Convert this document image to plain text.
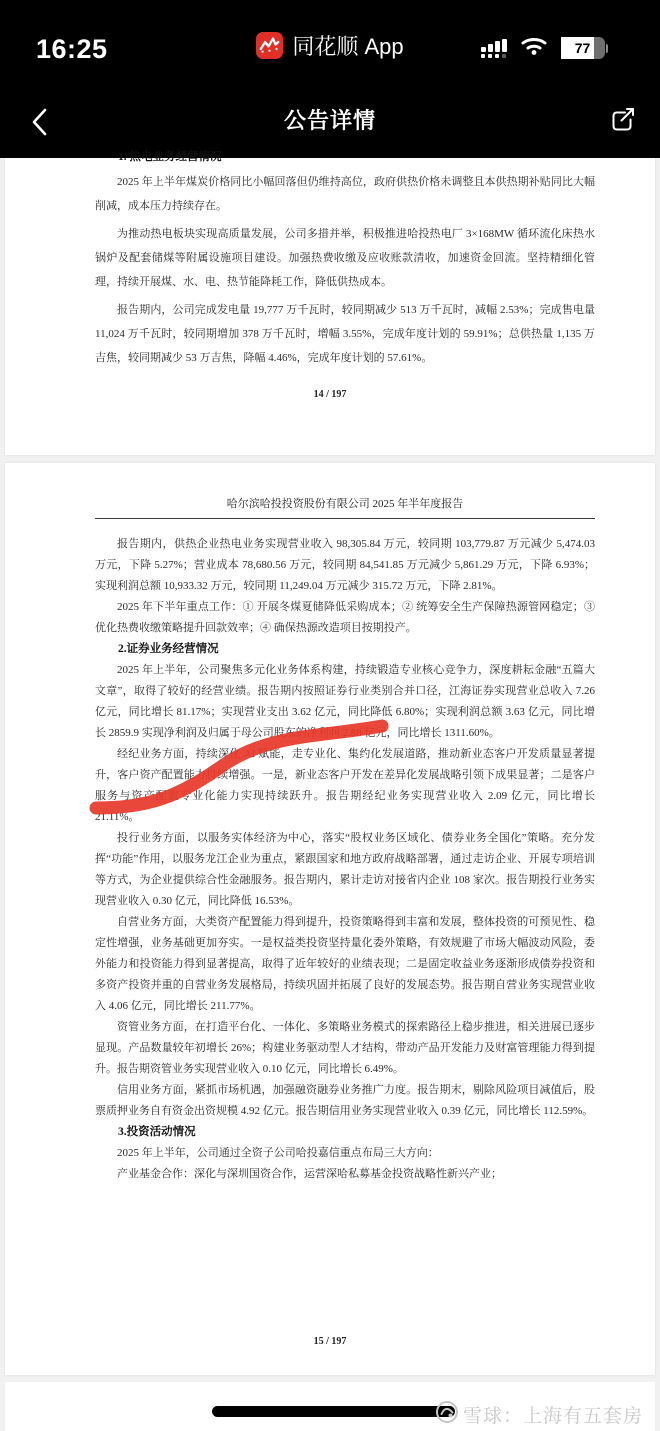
16:25	同花顺 App	77
公告详情

1. 热电业务经营情况

2025 年上半年煤炭价格同比小幅回落但仍维持高位，政府供热价格未调整且本供热期补贴同比大幅削减，成本压力持续存在。

为推动热电板块实现高质量发展，公司多措并举，积极推进哈投热电厂 3×168MW 循环流化床热水锅炉及配套储煤等附属设施项目建设。加强热费收缴及应收账款清收，加速资金回流。坚持精细化管理，持续开展煤、水、电、热节能降耗工作，降低供热成本。

报告期内，公司完成发电量 19,777 万千瓦时，较同期减少 513 万千瓦时，减幅 2.53%；完成售电量 11,024 万千瓦时，较同期增加 378 万千瓦时，增幅 3.55%，完成年度计划的 59.91%；总供热量 1,135 万吉焦，较同期减少 53 万吉焦，降幅 4.46%，完成年度计划的 57.61%。

14 / 197
哈尔滨哈投投资股份有限公司 2025 年半年度报告

报告期内，供热企业热电业务实现营业收入 98,305.84 万元，较同期 103,779.87 万元减少 5,474.03 万元，下降 5.27%；营业成本 78,680.56 万元，较同期 84,541.85 万元减少 5,861.29 万元，下降 6.93%；实现利润总额 10,933.32 万元，较同期 11,249.04 万元减少 315.72 万元，下降 2.81%。

2025 年下半年重点工作：① 开展冬煤夏储降低采购成本；② 统筹安全生产保障热源管网稳定；③ 优化热费收缴策略提升回款效率；④ 确保热源改造项目按期投产。

2.证券业务经营情况

2025 年上半年，公司聚焦多元化业务体系构建，持续锻造专业核心竞争力，深度耕耘金融“五篇大文章”，取得了较好的经营业绩。报告期内按照证券行业类别合并口径，江海证券实现营业总收入 7.26 亿元，同比增长 81.17%；实现营业支出 3.62 亿元，同比降低 6.80%；实现利润总额 3.63 亿元，同比增长 2859.9 实现净利润及归属于母公司股东的净利润 2.88 亿元，同比增长 1311.60%。

经纪业务方面，持续深化 AI 赋能，走专业化、集约化发展道路，推动新业态客户开发质量显著提升，客户资产配置能力持续增强。一是，新业态客户开发在差异化发展战略引领下成果显著；二是客户服务与资产配置专业化能力实现持续跃升。报告期经纪业务实现营业收入 2.09 亿元，同比增长 21.11%。

投行业务方面，以服务实体经济为中心，落实“股权业务区域化、债券业务全国化”策略。充分发挥“功能”作用，以服务龙江企业为重点，紧跟国家和地方政府战略部署，通过走访企业、开展专项培训等方式，为企业提供综合性金融服务。报告期内，累计走访对接省内企业 108 家次。报告期投行业务实现营业收入 0.30 亿元，同比降低 16.53%。

自营业务方面，大类资产配置能力得到提升，投资策略得到丰富和发展，整体投资的可预见性、稳定性增强，业务基础更加夯实。一是权益类投资坚持量化委外策略，有效规避了市场大幅波动风险，委外能力和投资能力得到显著提高，取得了近年较好的业绩表现；二是固定收益业务逐渐形成债券投资和多资产投资并重的自营业务发展格局，持续巩固并拓展了良好的发展态势。报告期自营业务实现营业收入 4.06 亿元，同比增长 211.77%。

资管业务方面，在打造平台化、一体化、多策略业务模式的探索路径上稳步推进，相关进展已逐步显现。产品数量较年初增长 26%；构建业务驱动型人才结构，带动产品开发能力及财富管理能力得到提升。报告期资管业务实现营业收入 0.10 亿元，同比增长 6.49%。

信用业务方面，紧抓市场机遇，加强融资融券业务推广力度。报告期末，剔除风险项目减值后，股票质押业务自有资金出资规模 4.92 亿元。报告期信用业务实现营业收入 0.39 亿元，同比增长 112.59%。

3.投资活动情况

2025 年上半年，公司通过全资子公司哈投嘉信重点布局三大方向：

产业基金合作：深化与深圳国资合作，运营深哈私募基金投资战略性新兴产业；

15 / 197
雪球：上海有五套房
